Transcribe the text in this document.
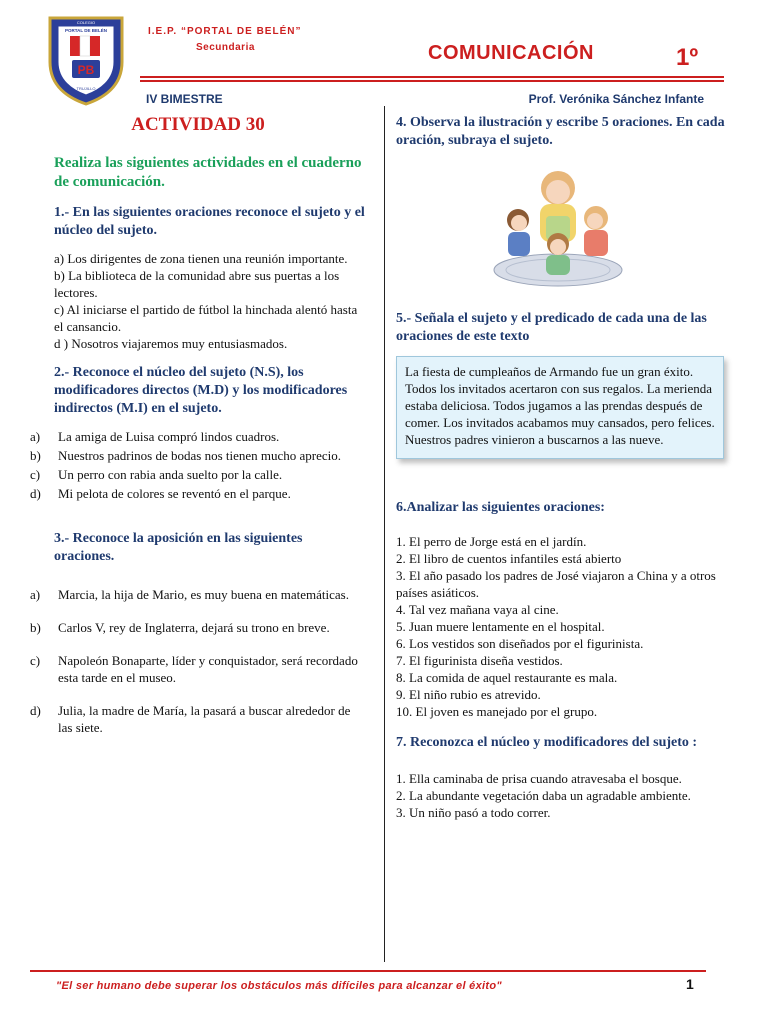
PB
COLEGIO
PORTAL DE BELÉN
TRUJILLO
I.E.P. “PORTAL DE BELÉN”
Secundaria	COMUNICACIÓN	1º
IV BIMESTRE	Prof. Verónika Sánchez Infante
ACTIVIDAD 30
Realiza las siguientes actividades en el cuaderno de comunicación.
1.- En las siguientes oraciones reconoce el sujeto y el núcleo del sujeto.
a) Los dirigentes de zona tienen una reunión importante.
b) La biblioteca de la comunidad abre sus puertas a los lectores.
c) Al iniciarse el partido de fútbol la hinchada alentó hasta el cansancio.
d ) Nosotros viajaremos muy entusiasmados.
2.- Reconoce el núcleo del sujeto (N.S), los modificadores directos (M.D) y los modificadores indirectos (M.I) en el sujeto.
a)	La amiga de Luisa compró lindos cuadros.
b)	Nuestros padrinos de bodas nos tienen mucho aprecio.
c)	Un perro con rabia anda suelto por la calle.
d)	Mi pelota de colores se reventó en el parque.
3.- Reconoce la aposición en las siguientes oraciones.
a)	Marcia, la hija de Mario, es muy buena en matemáticas.
b)	Carlos V, rey de Inglaterra, dejará su trono en breve.
c)	Napoleón Bonaparte, líder y conquistador, será recordado esta tarde en el museo.
d)	Julia, la madre de María, la pasará a buscar alrededor de las siete.
4. Observa la ilustración y escribe 5 oraciones. En cada oración, subraya el sujeto.
5.- Señala el sujeto y el predicado de cada una de las oraciones de este texto
La fiesta de cumpleaños de Armando fue un gran éxito. Todos los invitados acertaron con sus regalos. La merienda estaba deliciosa. Todos jugamos a las prendas después de comer. Los invitados acabamos muy cansados, pero felices. Nuestros padres vinieron a buscarnos a las nueve.
6.Analizar las siguientes oraciones:
1. El perro de Jorge está en el jardín.
2. El libro de cuentos infantiles está abierto
3. El año pasado los padres de José viajaron a China y a otros países asiáticos.
4. Tal vez mañana vaya al cine.
5. Juan muere lentamente en el hospital.
6. Los vestidos son diseñados por el figurinista.
7. El figurinista diseña vestidos.
8. La comida de aquel restaurante es mala.
9. El niño rubio es atrevido.
10. El joven es manejado por el grupo.
7. Reconozca el núcleo y modificadores del sujeto :
1. Ella caminaba de prisa cuando atravesaba el bosque.
2. La abundante vegetación daba un agradable ambiente.
3. Un niño pasó a todo correr.
"El ser humano debe superar los obstáculos más difíciles para alcanzar el éxito"	1
